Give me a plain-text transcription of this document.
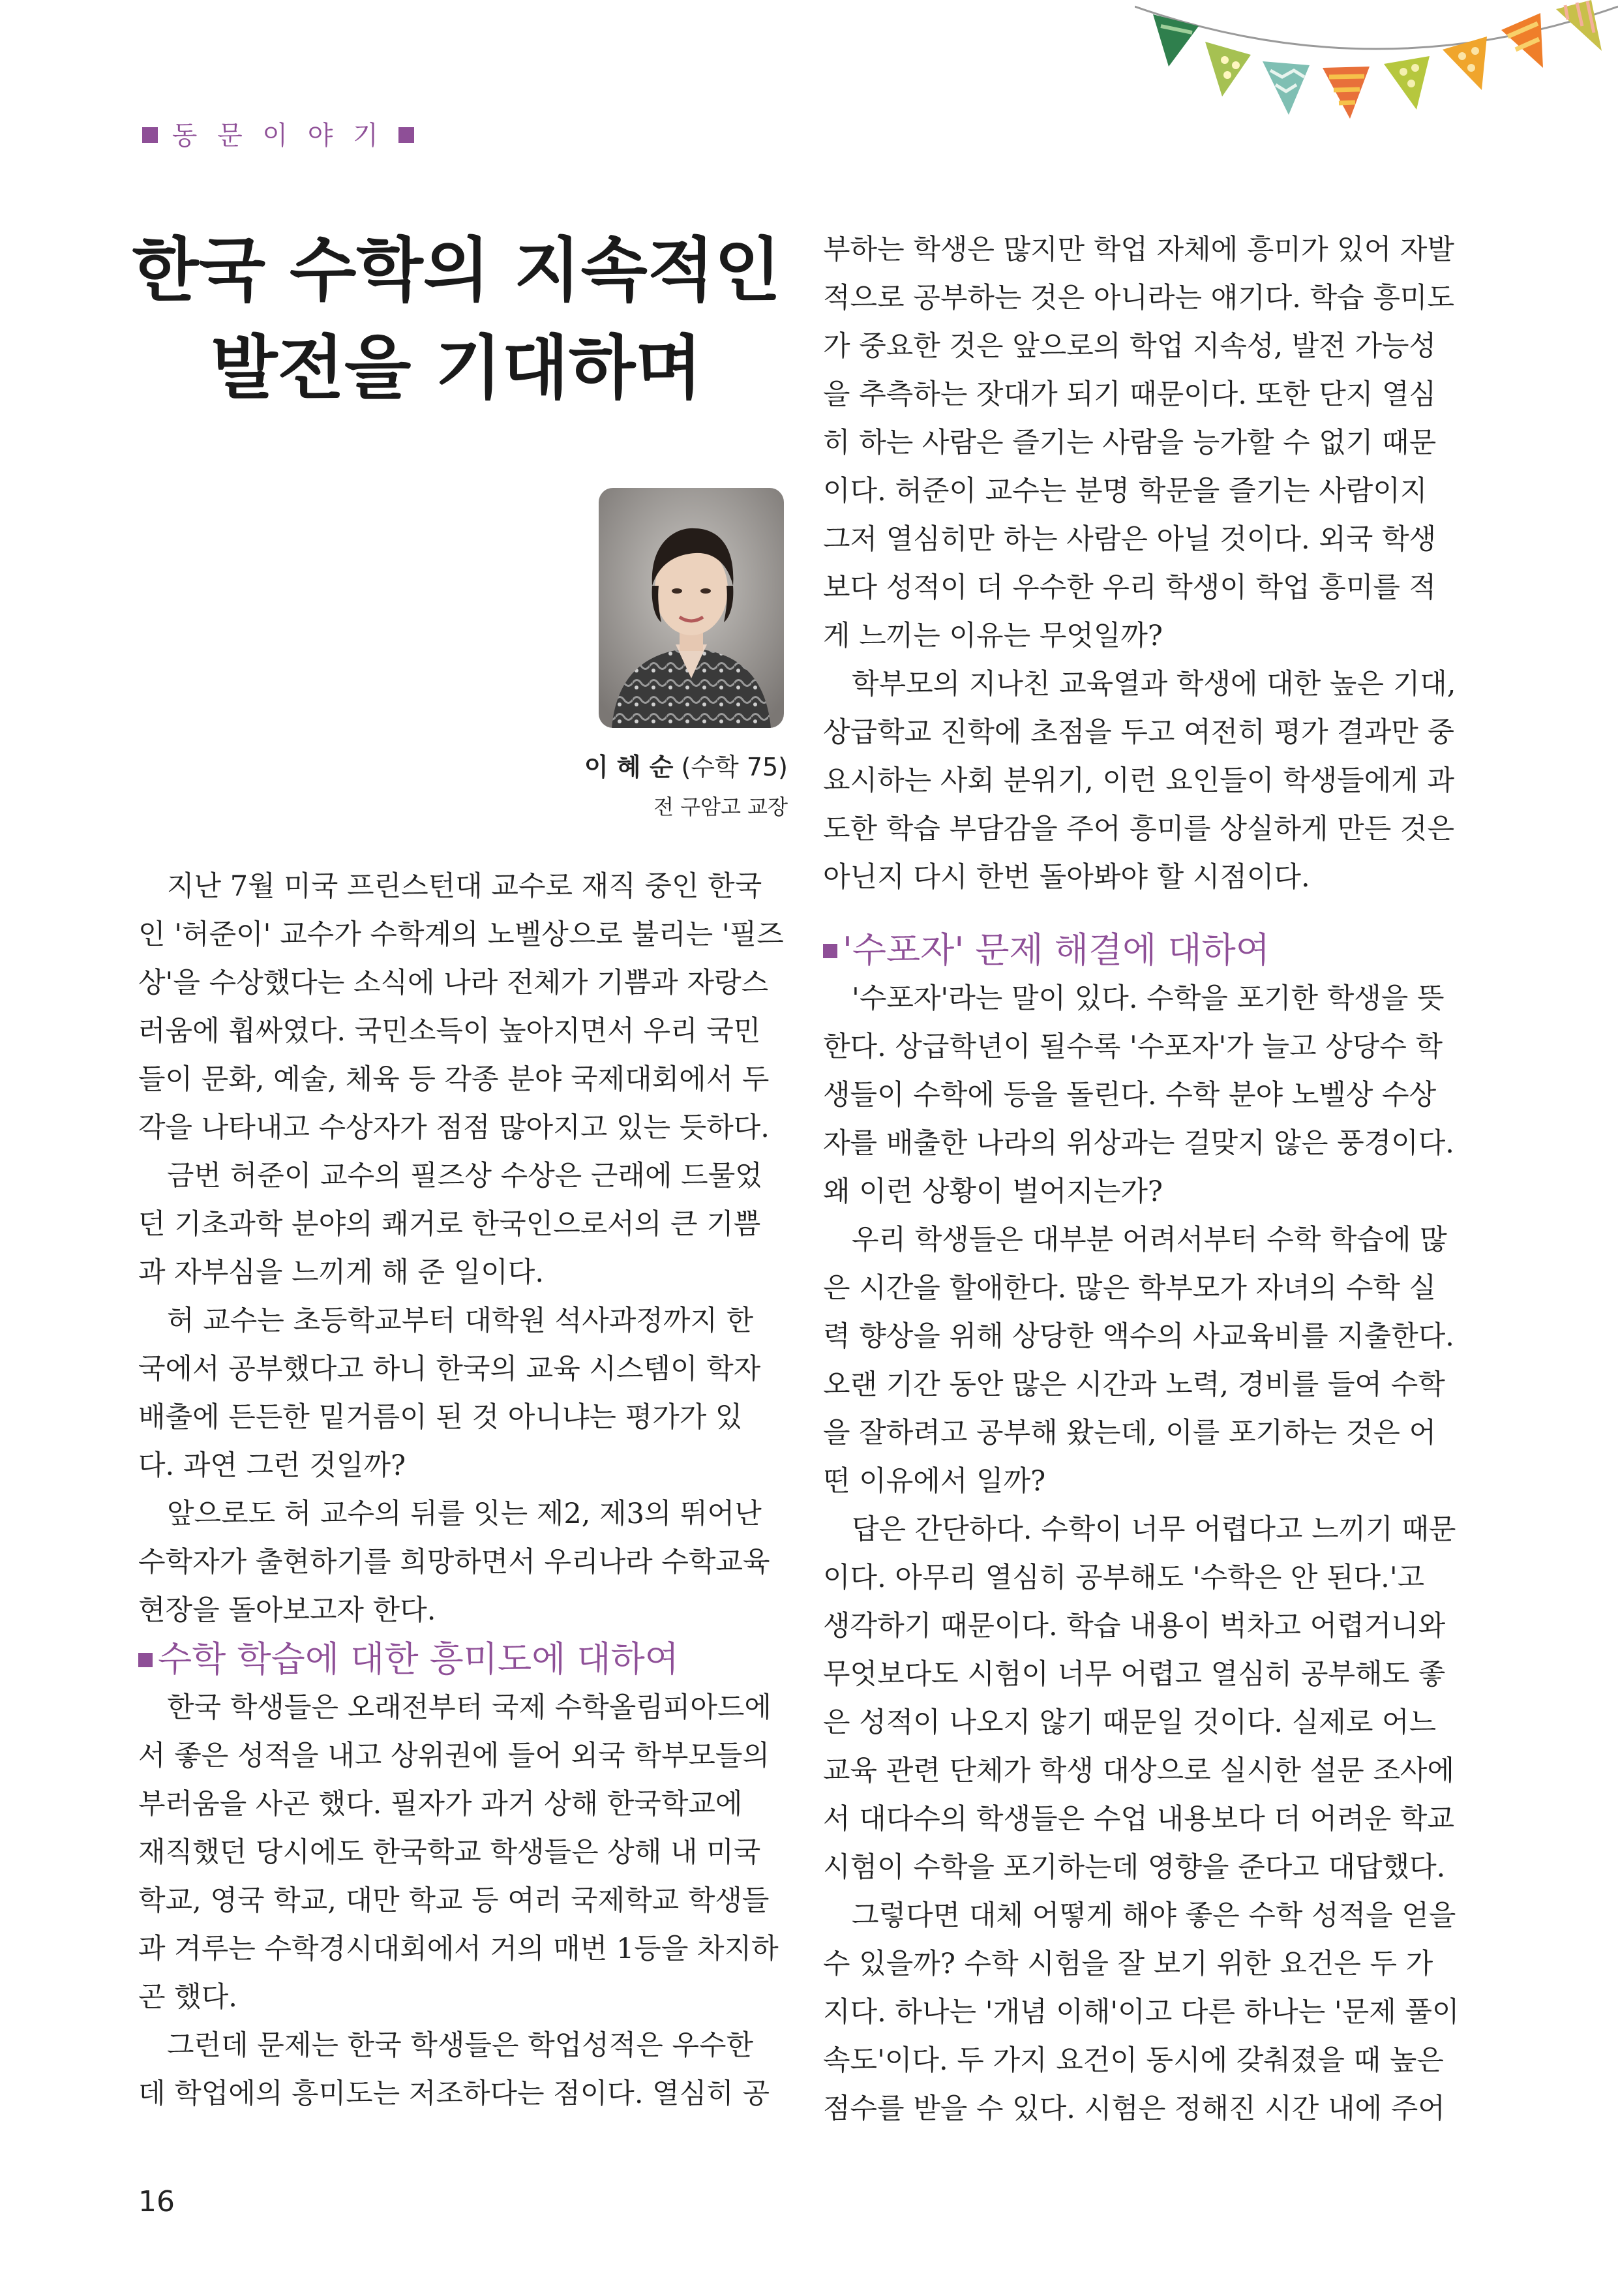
동 문 이 야 기
한국 수학의 지속적인
발전을 기대하며
이 혜 순 (수학 75)
전 구암고 교장

지난 7월 미국 프린스턴대 교수로 재직 중인 한국
인 '허준이' 교수가 수학계의 노벨상으로 불리는 '필즈
상'을 수상했다는 소식에 나라 전체가 기쁨과 자랑스
러움에 휩싸였다. 국민소득이 높아지면서 우리 국민
들이 문화, 예술, 체육 등 각종 분야 국제대회에서 두
각을 나타내고 수상자가 점점 많아지고 있는 듯하다.

금번 허준이 교수의 필즈상 수상은 근래에 드물었
던 기초과학 분야의 쾌거로 한국인으로서의 큰 기쁨
과 자부심을 느끼게 해 준 일이다.

허 교수는 초등학교부터 대학원 석사과정까지 한
국에서 공부했다고 하니 한국의 교육 시스템이 학자
배출에 든든한 밑거름이 된 것 아니냐는 평가가 있
다. 과연 그런 것일까?

앞으로도 허 교수의 뒤를 잇는 제2, 제3의 뛰어난
수학자가 출현하기를 희망하면서 우리나라 수학교육
현장을 돌아보고자 한다.

수학 학습에 대한 흥미도에 대하여

한국 학생들은 오래전부터 국제 수학올림피아드에
서 좋은 성적을 내고 상위권에 들어 외국 학부모들의
부러움을 사곤 했다. 필자가 과거 상해 한국학교에
재직했던 당시에도 한국학교 학생들은 상해 내 미국
학교, 영국 학교, 대만 학교 등 여러 국제학교 학생들
과 겨루는 수학경시대회에서 거의 매번 1등을 차지하
곤 했다.

그런데 문제는 한국 학생들은 학업성적은 우수한
데 학업에의 흥미도는 저조하다는 점이다. 열심히 공

부하는 학생은 많지만 학업 자체에 흥미가 있어 자발
적으로 공부하는 것은 아니라는 얘기다. 학습 흥미도
가 중요한 것은 앞으로의 학업 지속성, 발전 가능성
을 추측하는 잣대가 되기 때문이다. 또한 단지 열심
히 하는 사람은 즐기는 사람을 능가할 수 없기 때문
이다. 허준이 교수는 분명 학문을 즐기는 사람이지
그저 열심히만 하는 사람은 아닐 것이다. 외국 학생
보다 성적이 더 우수한 우리 학생이 학업 흥미를 적
게 느끼는 이유는 무엇일까?

학부모의 지나친 교육열과 학생에 대한 높은 기대,
상급학교 진학에 초점을 두고 여전히 평가 결과만 중
요시하는 사회 분위기, 이런 요인들이 학생들에게 과
도한 학습 부담감을 주어 흥미를 상실하게 만든 것은
아닌지 다시 한번 돌아봐야 할 시점이다.

'수포자' 문제 해결에 대하여

'수포자'라는 말이 있다. 수학을 포기한 학생을 뜻
한다. 상급학년이 될수록 '수포자'가 늘고 상당수 학
생들이 수학에 등을 돌린다. 수학 분야 노벨상 수상
자를 배출한 나라의 위상과는 걸맞지 않은 풍경이다.
왜 이런 상황이 벌어지는가?

우리 학생들은 대부분 어려서부터 수학 학습에 많
은 시간을 할애한다. 많은 학부모가 자녀의 수학 실
력 향상을 위해 상당한 액수의 사교육비를 지출한다.
오랜 기간 동안 많은 시간과 노력, 경비를 들여 수학
을 잘하려고 공부해 왔는데, 이를 포기하는 것은 어
떤 이유에서 일까?

답은 간단하다. 수학이 너무 어렵다고 느끼기 때문
이다. 아무리 열심히 공부해도 '수학은 안 된다.'고
생각하기 때문이다. 학습 내용이 벅차고 어렵거니와
무엇보다도 시험이 너무 어렵고 열심히 공부해도 좋
은 성적이 나오지 않기 때문일 것이다. 실제로 어느
교육 관련 단체가 학생 대상으로 실시한 설문 조사에
서 대다수의 학생들은 수업 내용보다 더 어려운 학교
시험이 수학을 포기하는데 영향을 준다고 대답했다.

그렇다면 대체 어떻게 해야 좋은 수학 성적을 얻을
수 있을까? 수학 시험을 잘 보기 위한 요건은 두 가
지다. 하나는 '개념 이해'이고 다른 하나는 '문제 풀이
속도'이다. 두 가지 요건이 동시에 갖춰졌을 때 높은
점수를 받을 수 있다. 시험은 정해진 시간 내에 주어

16
